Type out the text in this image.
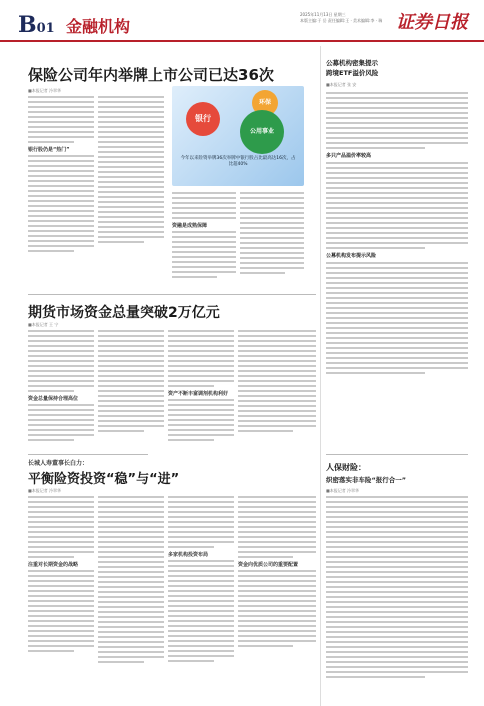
B01 金融机构
2025年11月13日 星期三
本版主编:于 岳 责任编辑:王 · 美术编辑:李 · 瑞 证券日报
保险公司年内举牌上市公司已达36次
■本报记者 冷翠华
银行股仍是“热门”
银行
环保
公用事业
今年以来险资举牌36次举牌中银行股占比最高达16次，占比超40%
资融是成熟保障
期货市场资金总量突破2万亿元
■本报记者 王 宁
资金总量保持合理高位
资产不断丰富调剂机构利好
长城人寿董事长白力：
平衡险资投资“稳”与“进”
■本报记者 冷翠华
注重对长期资金的战略
多家机构投资布局
资金向优质公司的重要配置
公募机构密集提示
跨境ETF溢价风险
■本报记者 张 安
多只产品溢价率较高
公募机构发布提示风险
人保财险：
织密落实非车险“报行合一”
■本报记者 冷翠华
